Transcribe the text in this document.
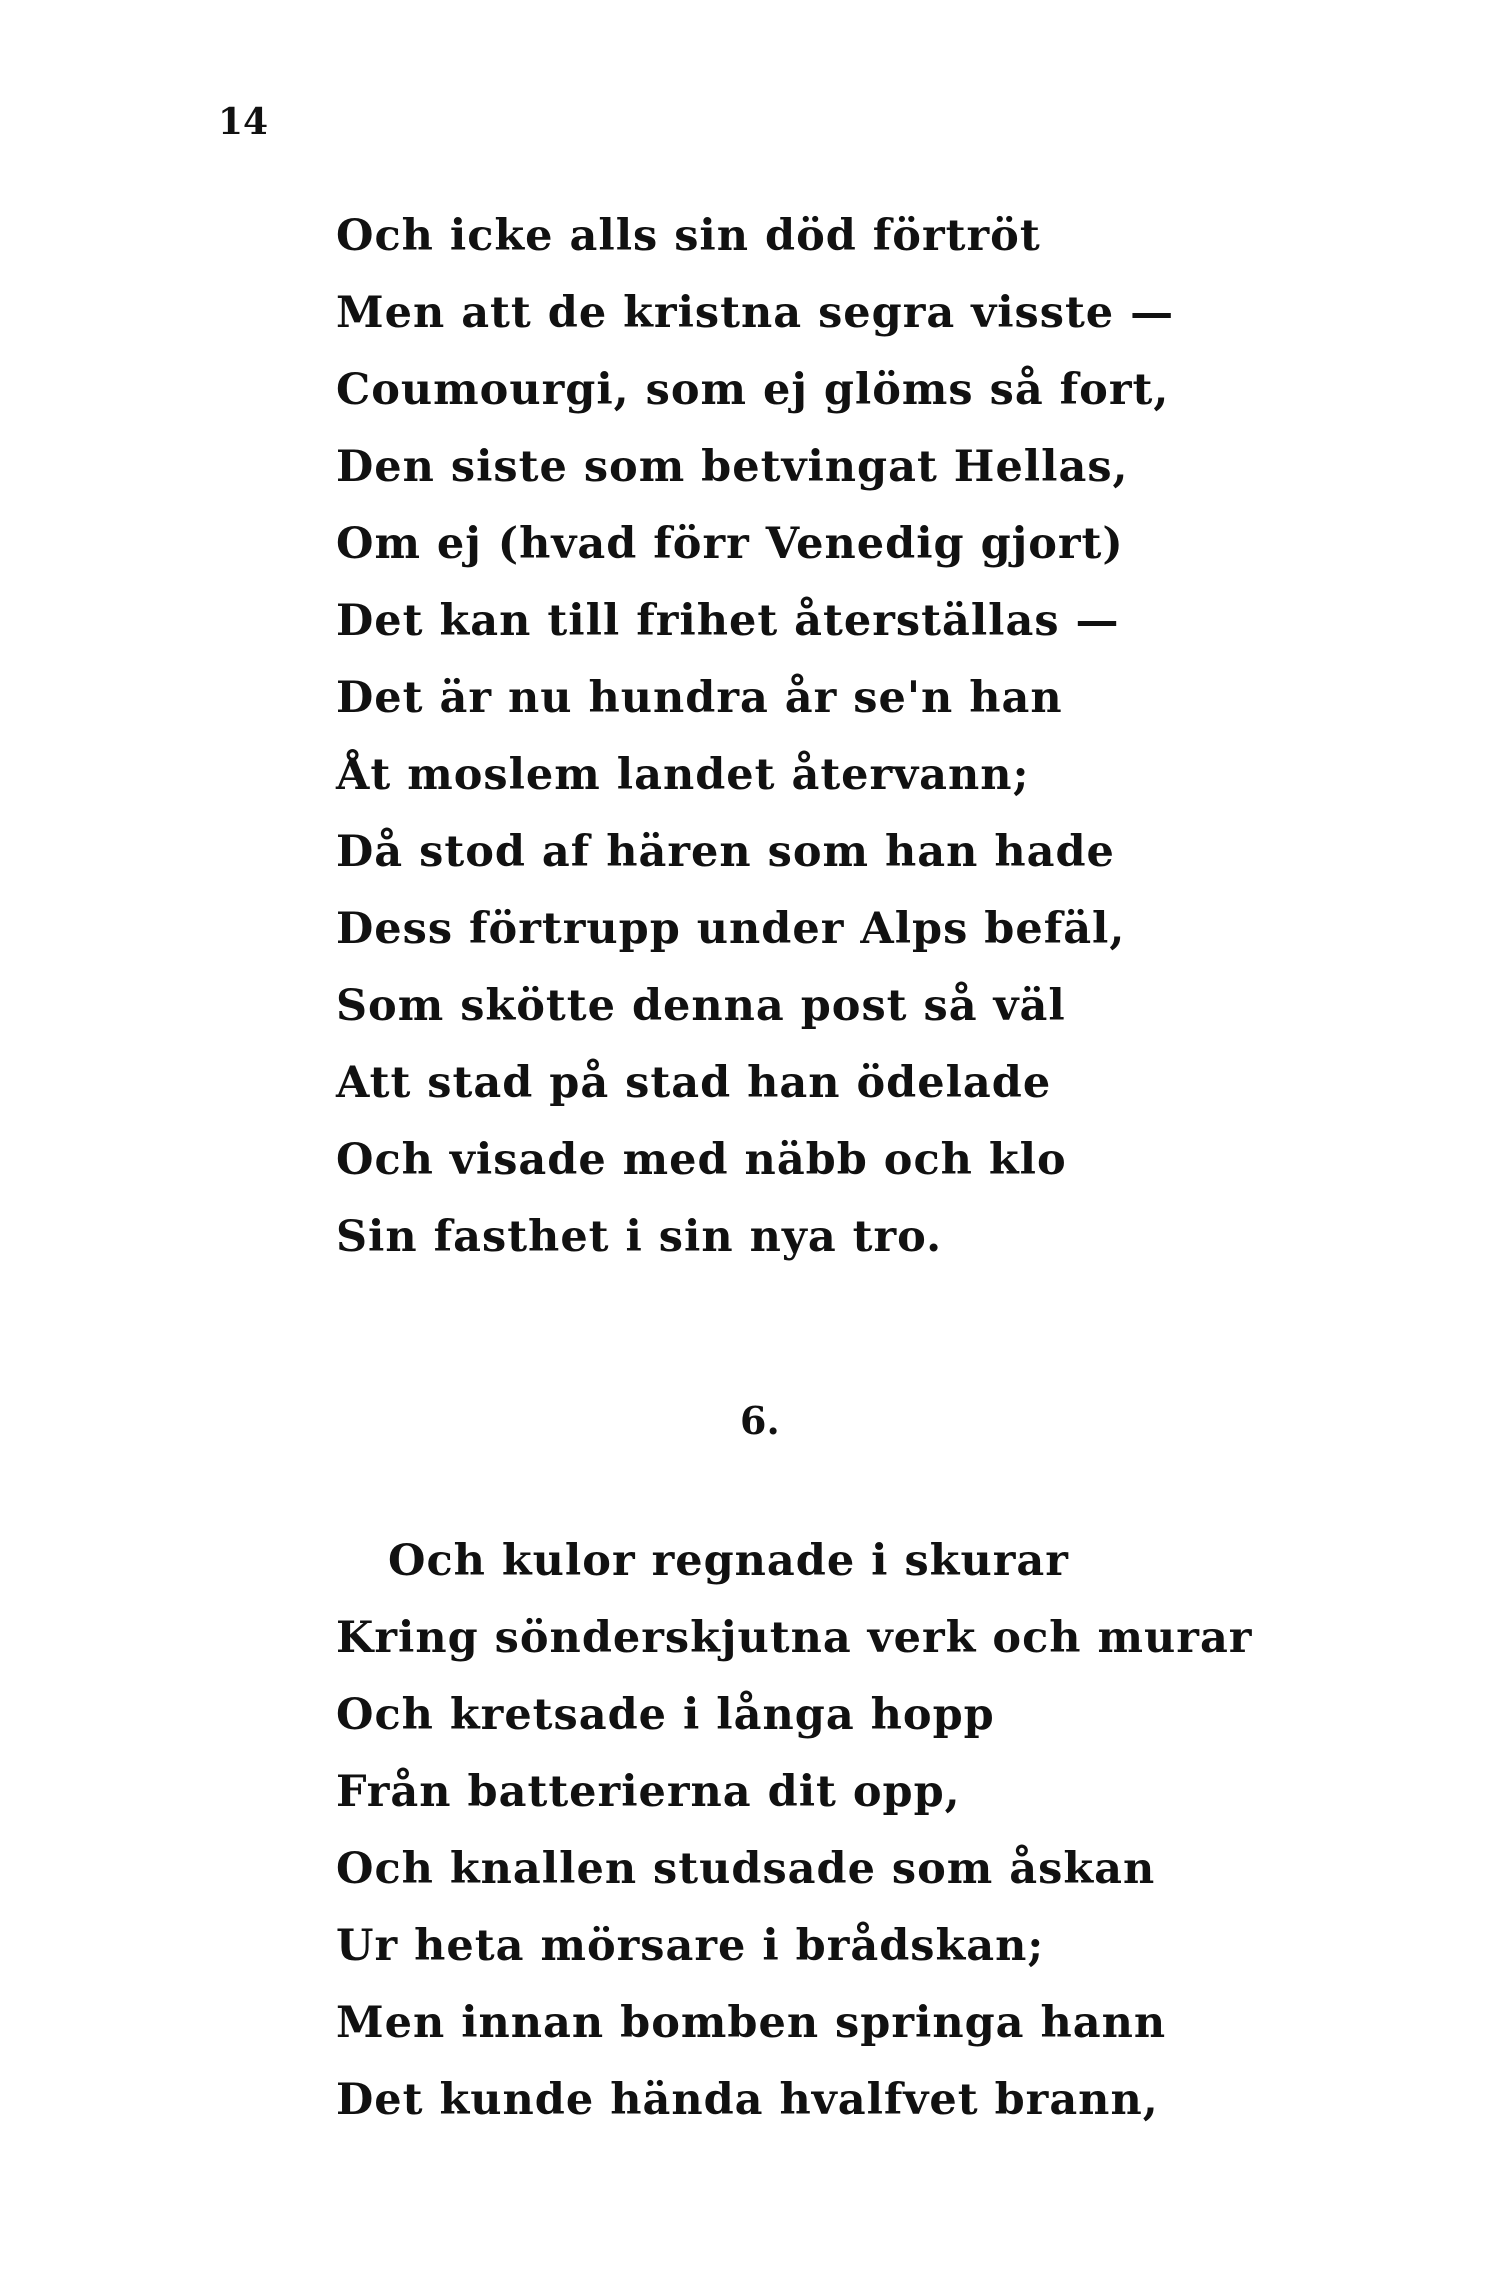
14
Och icke alls sin död förtröt
Men att de kristna segra visste —
Coumourgi, som ej glöms så fort,
Den siste som betvingat Hellas,
Om ej (hvad förr Venedig gjort)
Det kan till frihet återställas —
Det är nu hundra år se'n han
Åt moslem landet återvann;
Då stod af hären som han hade
Dess förtrupp under Alps befäl,
Som skötte denna post så väl
Att stad på stad han ödelade
Och visade med näbb och klo
Sin fasthet i sin nya tro.
6.
Och kulor regnade i skurar
Kring sönderskjutna verk och murar
Och kretsade i långa hopp
Från batterierna dit opp,
Och knallen studsade som åskan
Ur heta mörsare i brådskan;
Men innan bomben springa hann
Det kunde hända hvalfvet brann,
